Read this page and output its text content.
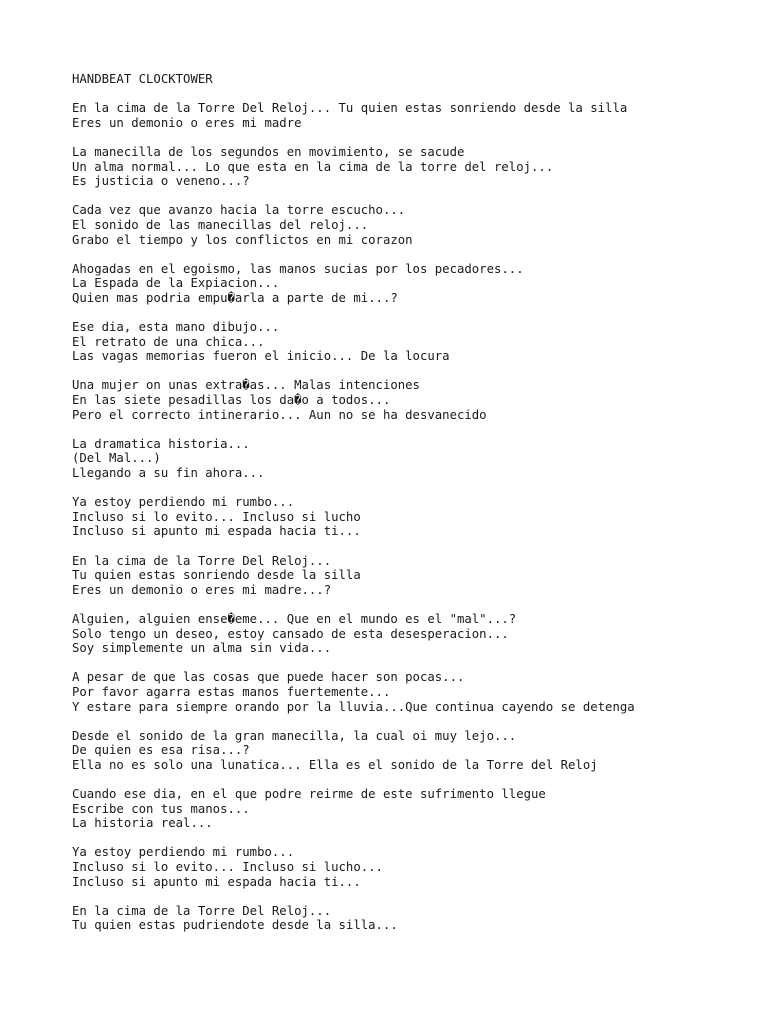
HANDBEAT CLOCKTOWER
En la cima de la Torre Del Reloj... Tu quien estas sonriendo desde la silla
Eres un demonio o eres mi madre
La manecilla de los segundos en movimiento, se sacude
Un alma normal... Lo que esta en la cima de la torre del reloj...
Es justicia o veneno...?
Cada vez que avanzo hacia la torre escucho...
El sonido de las manecillas del reloj...
Grabo el tiempo y los conflictos en mi corazon
Ahogadas en el egoismo, las manos sucias por los pecadores...
La Espada de la Expiacion...
Quien mas podria empu�arla a parte de mi...?
Ese dia, esta mano dibujo...
El retrato de una chica...
Las vagas memorias fueron el inicio... De la locura
Una mujer on unas extra�as... Malas intenciones
En las siete pesadillas los da�o a todos...
Pero el correcto intinerario... Aun no se ha desvanecido
La dramatica historia...
(Del Mal...)
Llegando a su fin ahora...
Ya estoy perdiendo mi rumbo...
Incluso si lo evito... Incluso si lucho
Incluso si apunto mi espada hacia ti...
En la cima de la Torre Del Reloj...
Tu quien estas sonriendo desde la silla
Eres un demonio o eres mi madre...?
Alguien, alguien ense�eme... Que en el mundo es el "mal"...?
Solo tengo un deseo, estoy cansado de esta desesperacion...
Soy simplemente un alma sin vida...
A pesar de que las cosas que puede hacer son pocas...
Por favor agarra estas manos fuertemente...
Y estare para siempre orando por la lluvia...Que continua cayendo se detenga
Desde el sonido de la gran manecilla, la cual oi muy lejo...
De quien es esa risa...?
Ella no es solo una lunatica... Ella es el sonido de la Torre del Reloj
Cuando ese dia, en el que podre reirme de este sufrimento llegue
Escribe con tus manos...
La historia real...
Ya estoy perdiendo mi rumbo...
Incluso si lo evito... Incluso si lucho...
Incluso si apunto mi espada hacia ti...
En la cima de la Torre Del Reloj...
Tu quien estas pudriendote desde la silla...
